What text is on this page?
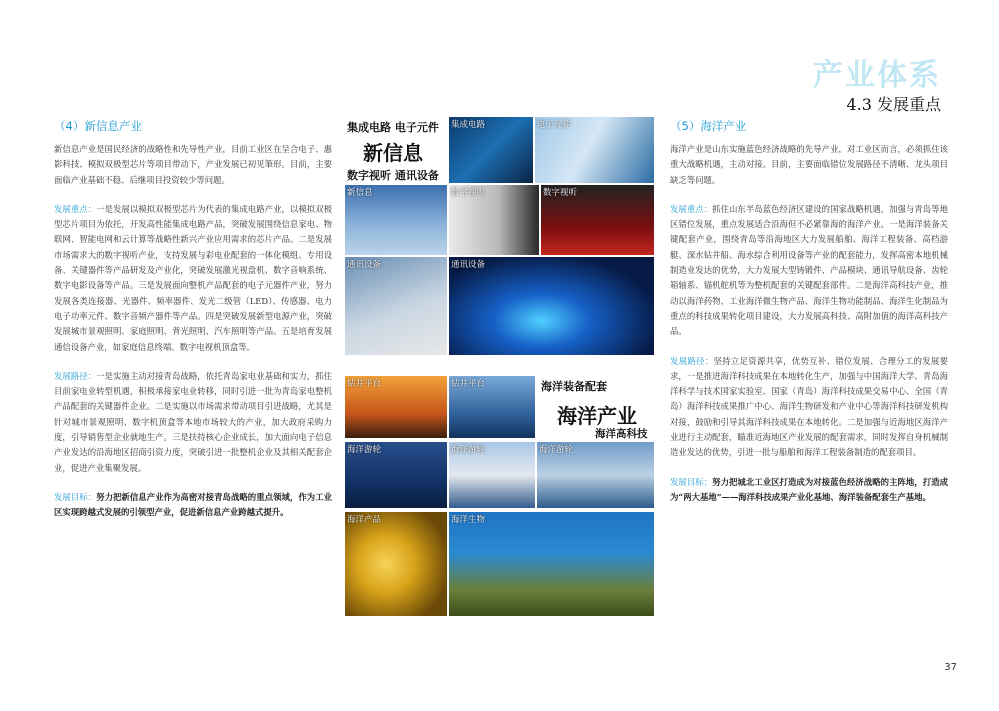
产业体系
4.3 发展重点
（4）新信息产业

新信息产业是国民经济的战略性和先导性产业，目前工业区在呈合电子、惠影科技、模拟双极型芯片等项目带动下，产业发展已初见筆形。目前，主要面临产业基础不稳、后继项目投资较少等问题。

发展重点：一是发展以模拟双极型芯片为代表的集成电路产业，以模拟双极型芯片项目为依托，开发高性能集成电路产品，突破发展围绕信息家电、物联网、智能电网和云计算等战略性新兴产业应用需求的芯片产品。二是发展市场需求大的数字视听产业，支持发展与彩电业配套的一体化模组、专用设备、关键器件等产品研发及产业化，突破发展激光视盘机、数字音响系统、数字电影设备等产品。三是发展面向整机产品配套的电子元器件产业，努力发展各类连接器、光器件、频率器件、发光二级管（LED）、传感器、电力电子功率元件、数字音频产器件等产品。四是突破发展新型电源产业，突破发展城市景观照明、家庭照明、背光照明、汽车照明等产品。五是培育发展通信设备产业，如家庭信息终端、数字电视机顶盒等。

发展路径：一是实施主动对接青岛战略，依托青岛家电业基础和实力，抓住目前家电业转型机遇，积极承接家电业转移，同时引进一批为青岛家电整机产品配套的关键器件企业。二是实施以市场需求带动项目引进战略，尤其是针对城市景观照明、数字机顶盒等本地市场较大的产业，加大政府采购力度，引导销售型企业就地生产。三是扶持核心企业成长，加大面向电子信息产业发达的沿海地区招商引资力度，突破引进一批整机企业及其相关配套企业，促进产业集聚发展。

发展目标：努力把新信息产业作为高密对接青岛战略的重点领域，作为工业区实现跨越式发展的引领型产业，促进新信息产业跨越式提升。

（5）海洋产业

海洋产业是山东实施蓝色经济战略的先导产业，对工业区而言，必须抓住该重大战略机遇，主动对接。目前，主要面临错位发展路径不清晰、龙头项目缺乏等问题。

发展重点：抓住山东半岛蓝色经济区建设的国家战略机遇，加强与青岛等地区错位发展，重点发展适合沿海但不必紧靠海的海洋产业。一是海洋装备关键配套产业，围绕青岛等沿海地区大力发展船舶、海洋工程装备、高档游艇、深水钻井船、海水综合利用设备等产业的配套能力，发挥高密本地机械制造业发达的优势，大力发展大型铸锻件、产品模块、通讯导航设备、齿轮箱轴系、锚机舵机等为整机配套的关键配套部件。二是海洋高科技产业，推动以海洋药物、工业海洋微生物产品、海洋生物功能制品、海洋生化制品为重点的科技成果转化项目建设，大力发展高科技、高附加值的海洋高科技产品。

发展路径：坚持立足资源共享，优势互补、错位发展、合理分工的发展要求，一是推进海洋科技成果在本地转化生产，加强与中国海洋大学、青岛海洋科学与技术国家实验室、国家（青岛）海洋科技成果交易中心、全国（青岛）海洋科技成果推广中心、海洋生物研发和产业中心等海洋科技研发机构对接，鼓励和引导其海洋科技成果在本地转化。二是加强与近海地区海洋产业进行主动配套，瞄准近海地区产业发展的配套需求，同时发挥自身机械制造业发达的优势，引进一批与船舶和海洋工程装备制造的配套项目。

发展目标：努力把城北工业区打造成为对接蓝色经济战略的主阵地，打造成为“两大基地”——海洋科技成果产业化基地、海洋装备配套生产基地。

集成电路 电子元件
新信息
数字视听 通讯设备
集成电路	电子元件
新信息	数字视听	数字视听
通讯设备	通讯设备
钻井平台	钻井平台	海洋装备配套
海洋产业
海洋高科技
海洋游轮	海洋游轮	海洋游轮
海洋产品	海洋生物
37
